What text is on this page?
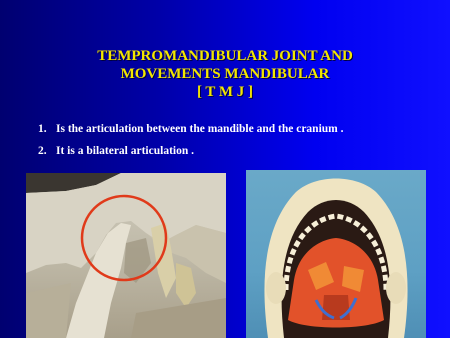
TEMPROMANDIBULAR JOINT AND
MOVEMENTS MANDIBULAR
[ T M J ]
1. Is the articulation between the mandible and the cranium .
2. It is a bilateral articulation .
